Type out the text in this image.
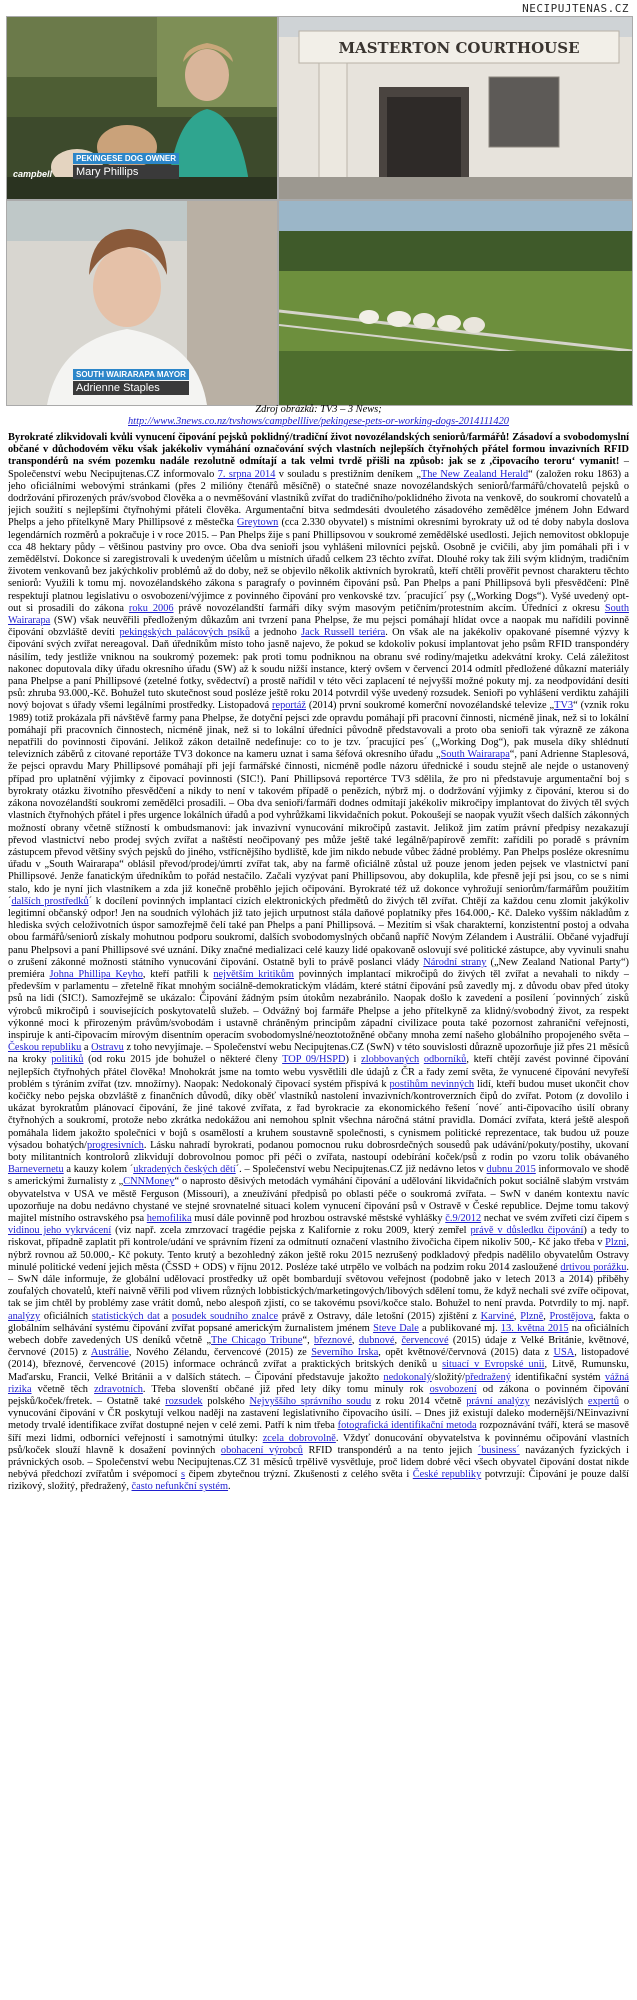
NECIPUJTENAS.CZ
PEKINGESE DOG OWNER
Mary Phillips
campbell
MASTERTON COURTHOUSE
SOUTH WAIRARAPA MAYOR
Adrienne Staples
Zdroj obrázků: TV3 – 3 News;
http://www.3news.co.nz/tvshows/campbelllive/pekingese-pets-or-working-dogs-2014111420

Byrokraté zlikvidovali kvůli vynucení čipování pejsků poklidný/tradiční život novozélandských seniorů/farmářů! Zásadoví a svobodomyslní občané v důchodovém věku však jakékoliv vymáhání označování svých vlastních nejlepších čtyřnohých přátel formou invazivních RFID transpondérů na svém pozemku nadále rezolutně odmítají a tak velmi tvrdě přišli na způsob: jak se z ,čipovacího teroru‘ vymanit! – Společenství webu Necipujtenas.CZ informovalo 7. srpna 2014 v souladu s prestižním deníkem „The New Zealand Herald“ (založen roku 1863) a jeho oficiálními webovými stránkami (přes 2 milióny čtenářů měsíčně) o statečné snaze novozélandských seniorů/farmářů/chovatelů pejsků o dodržování přirozených práv/svobod člověka a o nevměšování vlastníků zvířat do tradičního/poklidného života na venkově, do soukromí chovatelů a jejich soužití s nejlepšími čtyřnohými přáteli člověka. Argumentační bitva sedmdesáti dvouletého zásadového zemědělce jménem John Edward Phelps a jeho přítelkyně Mary Phillipsové z městečka Greytown (cca 2.330 obyvatel) s místními okresními byrokraty už od té doby nabyla doslova legendárních rozměrů a pokračuje i v roce 2015. – Pan Phelps žije s paní Phillipsovou v soukromé zemědělské usedlosti. Jejich nemovitost obklopuje cca 48 hektary půdy – většinou pastviny pro ovce. Oba dva senioři jsou vyhlášeni milovníci pejsků. Osobně je cvičili, aby jim pomáhali při i v zemědělství. Dokonce si zaregistrovali k uvedeným účelům u místních úřadů celkem 23 těchto zvířat. Dlouhé roky tak žili svým klidným, tradičním životem venkovanů bez jakýchkoliv problémů až do doby, než se objevilo několik aktivních byrokratů, kteří chtěli prověřit pevnost charakteru těchto seniorů: Využili k tomu mj. novozélandského zákona s paragrafy o povinném čipování psů. Pan Phelps a paní Phillipsová byli přesvědčení: Plně respektují platnou legislativu o osvobození/výjimce z povinného čipování pro venkovské tzv. ´pracující´ psy („Working Dogs“). Vyšé uvedený opt-out si prosadili do zákona roku 2006 právě novozélandští farmáři díky svým masovým petičním/protestním akcím. Úředníci z okresu South Wairarapa (SW) však neuvěřili předloženým důkazům ani tvrzení pana Phelpse, že mu pejsci pomáhají hlídat ovce a naopak mu nařídili povinně čipování obzvláště devíti pekingských palácových psíků a jednoho Jack Russell teriéra. On však ale na jakékoliv opakované písemné výzvy k čipování svých zvířat nereagoval. Daň úředníkům místo toho jasně najevo, že pokud se kdokoliv pokusí implantovat jeho psům RFID transpondéry násilím, tedy jestliže vniknou na soukromý pozemek: pak proti tomu podniknou na obranu své rodiny/majetku adekvátní kroky. Celá záležitost nakonec doputovala díky úřadu okresního úřadu (SW) až k soudu nižší instance, který ovšem v červenci 2014 odmítl předložené důkazní materiály pana Phelpse a paní Phillipsové (zetelné fotky, svědectví) a prostě nařídil v této věci zaplacení té nejvyšší možné pokuty mj. za neodpovídání desíti psů: zhruba 93.000,-Kč. Bohužel tuto skutečnost soud posléze ještě roku 2014 potvrdil výše uvedený rozsudek. Senioři po vyhlášení verdiktu zahájili nový bojovat s úřady všemi legálními prostředky. Listopadová reportáž (2014) první soukromé komerční novozélandské televize „TV3“ (vznik roku 1989) totiž prokázala při návštěvě farmy pana Phelpse, že dotyční pejsci zde opravdu pomáhají při pracovní činnosti, nicméně jinak, než si to lokální pomáhají při pracovních činnostech, nicméně jinak, než si to lokální úředníci původně představovali a proto oba senioři tak výrazně ze zákona nepatřili do povinnosti čipování. Jelikož zákon detailně nedefinuje: co to je tzv. ´pracující pes´ („Working Dog“), pak musela díky shlédnutí televizních záběrů z citované reportáže TV3 dokonce na kameru uznat i sama šéfová okresního úřadu „South Wairarapa“, paní Adrienne Staplesová, že pejsci opravdu Mary Phillipsové pomáhají při její farmářské činnosti, nicméně podle názoru úřednické i soudu stejně ale nejde o ustanovený případ pro uplatnění výjimky z čipovací povinnosti (SIC!). Paní Phillipsová reportérce TV3 sdělila, že pro ni představuje argumentační boj s byrokraty otázku životního přesvědčení a nikdy to není v takovém případě o penězích, nýbrž mj. o dodržování výjimky z čipování, kterou si do zákona novozélandští soukromí zemědělci prosadili. – Oba dva senioři/farmáři dodnes odmítají jakékoliv mikročipy implantovat do živých těl svých vlastních čtyřnohých přátel i přes urgence lokálních úřadů a pod vyhrůžkami likvidačních pokut. Pokoušejí se naopak využít všech dalších zákonných možností obrany včetně stížností k ombudsmanovi: jak invazivní vynucování mikročipů zastavit. Jelikož jim zatím právní předpisy nezakazují převod vlastnictví nebo prodej svých zvířat a naštěstí neočipovaný pes může ještě také legálně/papírově zemřít: zařídili po poradě s právním zástupcem převod většiny svých pejsků do jiného, vstřícnějšího bydliště, kde jim nikdo nebude vůbec žádné problémy. Pan Phelps posléze okresnímu úřadu v „South Wairarapa“ oblásil převod/prodej/úmrtí zvířat tak, aby na farmě oficiálně zůstal už pouze jenom jeden pejsek ve vlastnictví paní Phillipsové. Jenže fanatickým úředníkům to pořád nestačilo. Začali vyzývat paní Phillipsovou, aby dokuplila, kde přesně její psi jsou, co se s nimi stalo, kdo je nyní jich vlastníkem a zda již konečně proběhlo jejich očipování. Byrokraté též už dokonce vyhrožují seniorům/farmářům použitím ´dalších prostředků´ k docílení povinných implantací cizích elektronických předmětů do živých těl zvířat. Chtějí za každou cenu zlomit jakýkoliv legitimní občanský odpor! Jen na soudních výlohách již tato jejich urputnost stála daňové poplatníky přes 164.000,- Kč. Daleko vyšším nákladům z hlediska svých celoživotních úspor samozřejmě čelí také pan Phelps a paní Phillipsová. – Mezitím si však charakterní, konzistentní postoj a odvaha obou farmářů/seniorů získaly mohutnou podporu soukromí, dalších svobodomyslných občanů napříč Novým Zélandem i Austrálií. Občané vyjadřují panu Phelpsovi a paní Phillipsové své uznání. Díky značné medializaci celé kauzy lidé opakovaně oslovují své politické zástupce, aby vyvinuli snahu o zrušení zákonné možnosti státního vynucování čipování. Ostatně byli to právě poslanci vlády Národní strany („New Zealand National Party“) premiéra Johna Phillipa Keyho, kteří patřili k největším kritikům povinných implantací mikročipů do živých těl zvířat a nevahali to nikdy – především v parlamentu – zřetelně říkat mnohým sociálně-demokratickým vládám, které státní čipování psů zavedly mj. z důvodu obav před útoky psů na lidi (SIC!). Samozřejmě se ukázalo: Čipování žádným psím útokům nezabránilo. Naopak došlo k zavedení a posílení ´povinných´ zisků výrobců mikročipů i souvisejících poskytovatelů služeb. – Odvážný boj farmáře Phelpse a jeho přítelkyně za klidný/svobodný život, za respekt výkonné moci k přirozeným právům/svobodám i ustavně chráněným principům západní civilizace pouta také pozornost zahraniční veřejnosti, inspiruje k anti-čipovacím mírovým disentním operacím svobodomyslné/neoztotožněné občany mnoha zemí našeho globálního propojeného světa – Českou republiku a Ostravu z toho nevyjímaje. – Společenství webu Necipujtenas.CZ (SwN) v této souvislosti důrazně upozorňuje již přes 21 měsíců na kroky politiků (od roku 2015 jde bohužel o některé členy TOP 09/HSPD) i zlobbovaných odborníků, kteří chtějí zavést povinné čipování nejlepších čtyřnohých přátel člověka! Mnohokrát jsme na tomto webu vysvětlili dle údajů z ČR a řady zemí světa, že vynucené čipování nevyřeší problém s týráním zvířat (tzv. množírny). Naopak: Nedokonalý čipovací systém přispívá k postihům nevinných lidí, kteří budou muset ukončit chov kočičky nebo pejska obzvláště z finančních důvodů, díky oběť vlastníků nastolení invazivních/kontroverzních čipů do zvířat. Potom (z dovolilo i ukázat byrokratům plánovací čipování, že jiné takové zvířata, z řad byrokracie za ekonomického řešení ´nové´ anti-čipovacího úsilí obrany čtyřnohých a soukromí, protože nebo zkrátka nedokážou ani nemohou splnit všechna náročná státní pravidla. Domácí zvířata, která ještě alespoň pomáhala lidem jakožto společníci v bojů s osamělostí a kruhem soustavně společnosti, s cynismem politické reprezentace, tak budou už pouze výsadou bohatých/progresivních. Lásku nahradí byrokrati, podanou pomocnou ruku dobrosrdečných sousedů pak udávání/pokuty/postihy, ukovaní boty militantních kontrolorů zlikvidují dobrovolnou pomoc při péči o zvířata, nastoupí odebírání koček/psů z rodin po vzoru tolik obávaného Barnevernetu a kauzy kolem ´ukradených českých dětí´. – Společenství webu Necipujtenas.CZ již nedávno letos v dubnu 2015 informovalo ve shodě s americkými žurnalisty z „CNNMoney“ o naprosto děsivých metodách vymáhání čipování a udělování likvidačních pokut sociálně slabým vrstvám obyvatelstva v USA ve městě Ferguson (Missouri), a zneužívání předpisů po oblasti péče o soukromá zvířata. – SwN v daném kontextu navíc upozorňuje na dobu nedávno chystané ve stejné srovnatelné situaci kolem vynucení čipování psů v Ostravě v České republice. Dejme tomu takový majitel místního ostravského psa hemofilika musí dále povinně pod hrozbou ostravské městské vyhlášky č.9/2012 nechat ve svém zvířeti cizí čipem s vidinou jeho vykrvácení (viz např. zcela zmrzovací tragédie pejska z Kalifornie z roku 2009, který zemřel právě v důsledku čipování) a tedy to riskovat, případně zaplatit při kontrole/udání ve správním řízení za odmítnutí označení vlastního živočicha čipem nikoliv 500,- Kč jako třeba v Plzni, nýbrž rovnou až 50.000,- Kč pokuty. Tento krutý a bezohledný zákon ještě roku 2015 nezrušený podkladový předpis nadělilo obyvatelům Ostravy minulé politické vedení jejich města (ČSSD + ODS) v říjnu 2012. Posléze také utrpělo ve volbách na podzim roku 2014 zasloužené drtivou porážku. – SwN dále informuje, že globální udělovací prostředky už opět bombardují světovou veřejnost (podobně jako v letech 2013 a 2014) příběhy zoufalých chovatelů, kteří naivně věřili pod vlivem různých lobbistických/marketingových/libových sdělení tomu, že když nechali své zvíře očipovat, tak se jim chtěl by problémy zase vrátit domů, nebo alespoň zjistí, co se takovému psovi/kočce stalo. Bohužel to není pravda. Potvrdily to mj. např. analýzy oficiálních statistických dat a posudek soudního znalce právě z Ostravy, dále letošní (2015) zjištění z Karviné, Plzně, Prostějova, fakta o globálním selhávání systému čipování zvířat popsané americkým žurnalistem jménem Steve Dale a publikované mj. 13. května 2015 na oficiálních webech dobře zavedených US deníků včetně „The Chicago Tribune“, březnové, dubnové, červencové (2015) údaje z Velké Británie, květnové, červnové (2015) z Austrálie, Nového Zélandu, červencové (2015) ze Severního Irska, opět květnové/červnová (2015) data z USA, listopadové (2014), březnové, červencové (2015) informace ochránců zvířat a praktických britských deníků u situací v Evropské unii, Litvě, Rumunsku, Maďarsku, Francii, Velké Británii a v dalších státech. – Čipování představuje jakožto nedokonalý/složitý/předražený identifikační systém vážná rizika včetně těch zdravotních. Třeba slovenští občané již před lety díky tomu minuly rok osvobození od zákona o povinném čipování pejsků/koček/fretek. – Ostatně také rozsudek polského Nejvyššího správního soudu z roku 2014 včetně právní analýzy nezávislých expertů o vynucování čipování v ČR poskytují velkou naději na zastavení legislativního čipovacího úsilí. – Dnes již existují daleko modernější/NEinvazivní metody trvalé identifikace zvířat dostupné nejen v celé zemi. Patří k nim třeba fotografická identifikační metoda rozpoznávání tváří, která se masově šíří mezi lidmi, odborníci veřejností i samotnými útulky: zcela dobrovolně. Vždyť donucování obyvatelstva k povinnému očipování vlastních psů/koček slouží hlavně k dosažení povinných obohacení výrobců RFID transpondérů a na tento jejich ´business´ navázaných fyzických i právnických osob. – Společenství webu Necipujtenas.CZ 31 měsíců trpělivě vysvětluje, proč lidem dobré věci všech obyvatel čipování dostat nikde nebývá předchozí zvířatům i svépomocí s čipem zbytečnou trýzní. Zkušenosti z celého světa i České republiky potvrzují: Čipování je pouze další rizikový, složitý, předražený, často nefunkční systém.
